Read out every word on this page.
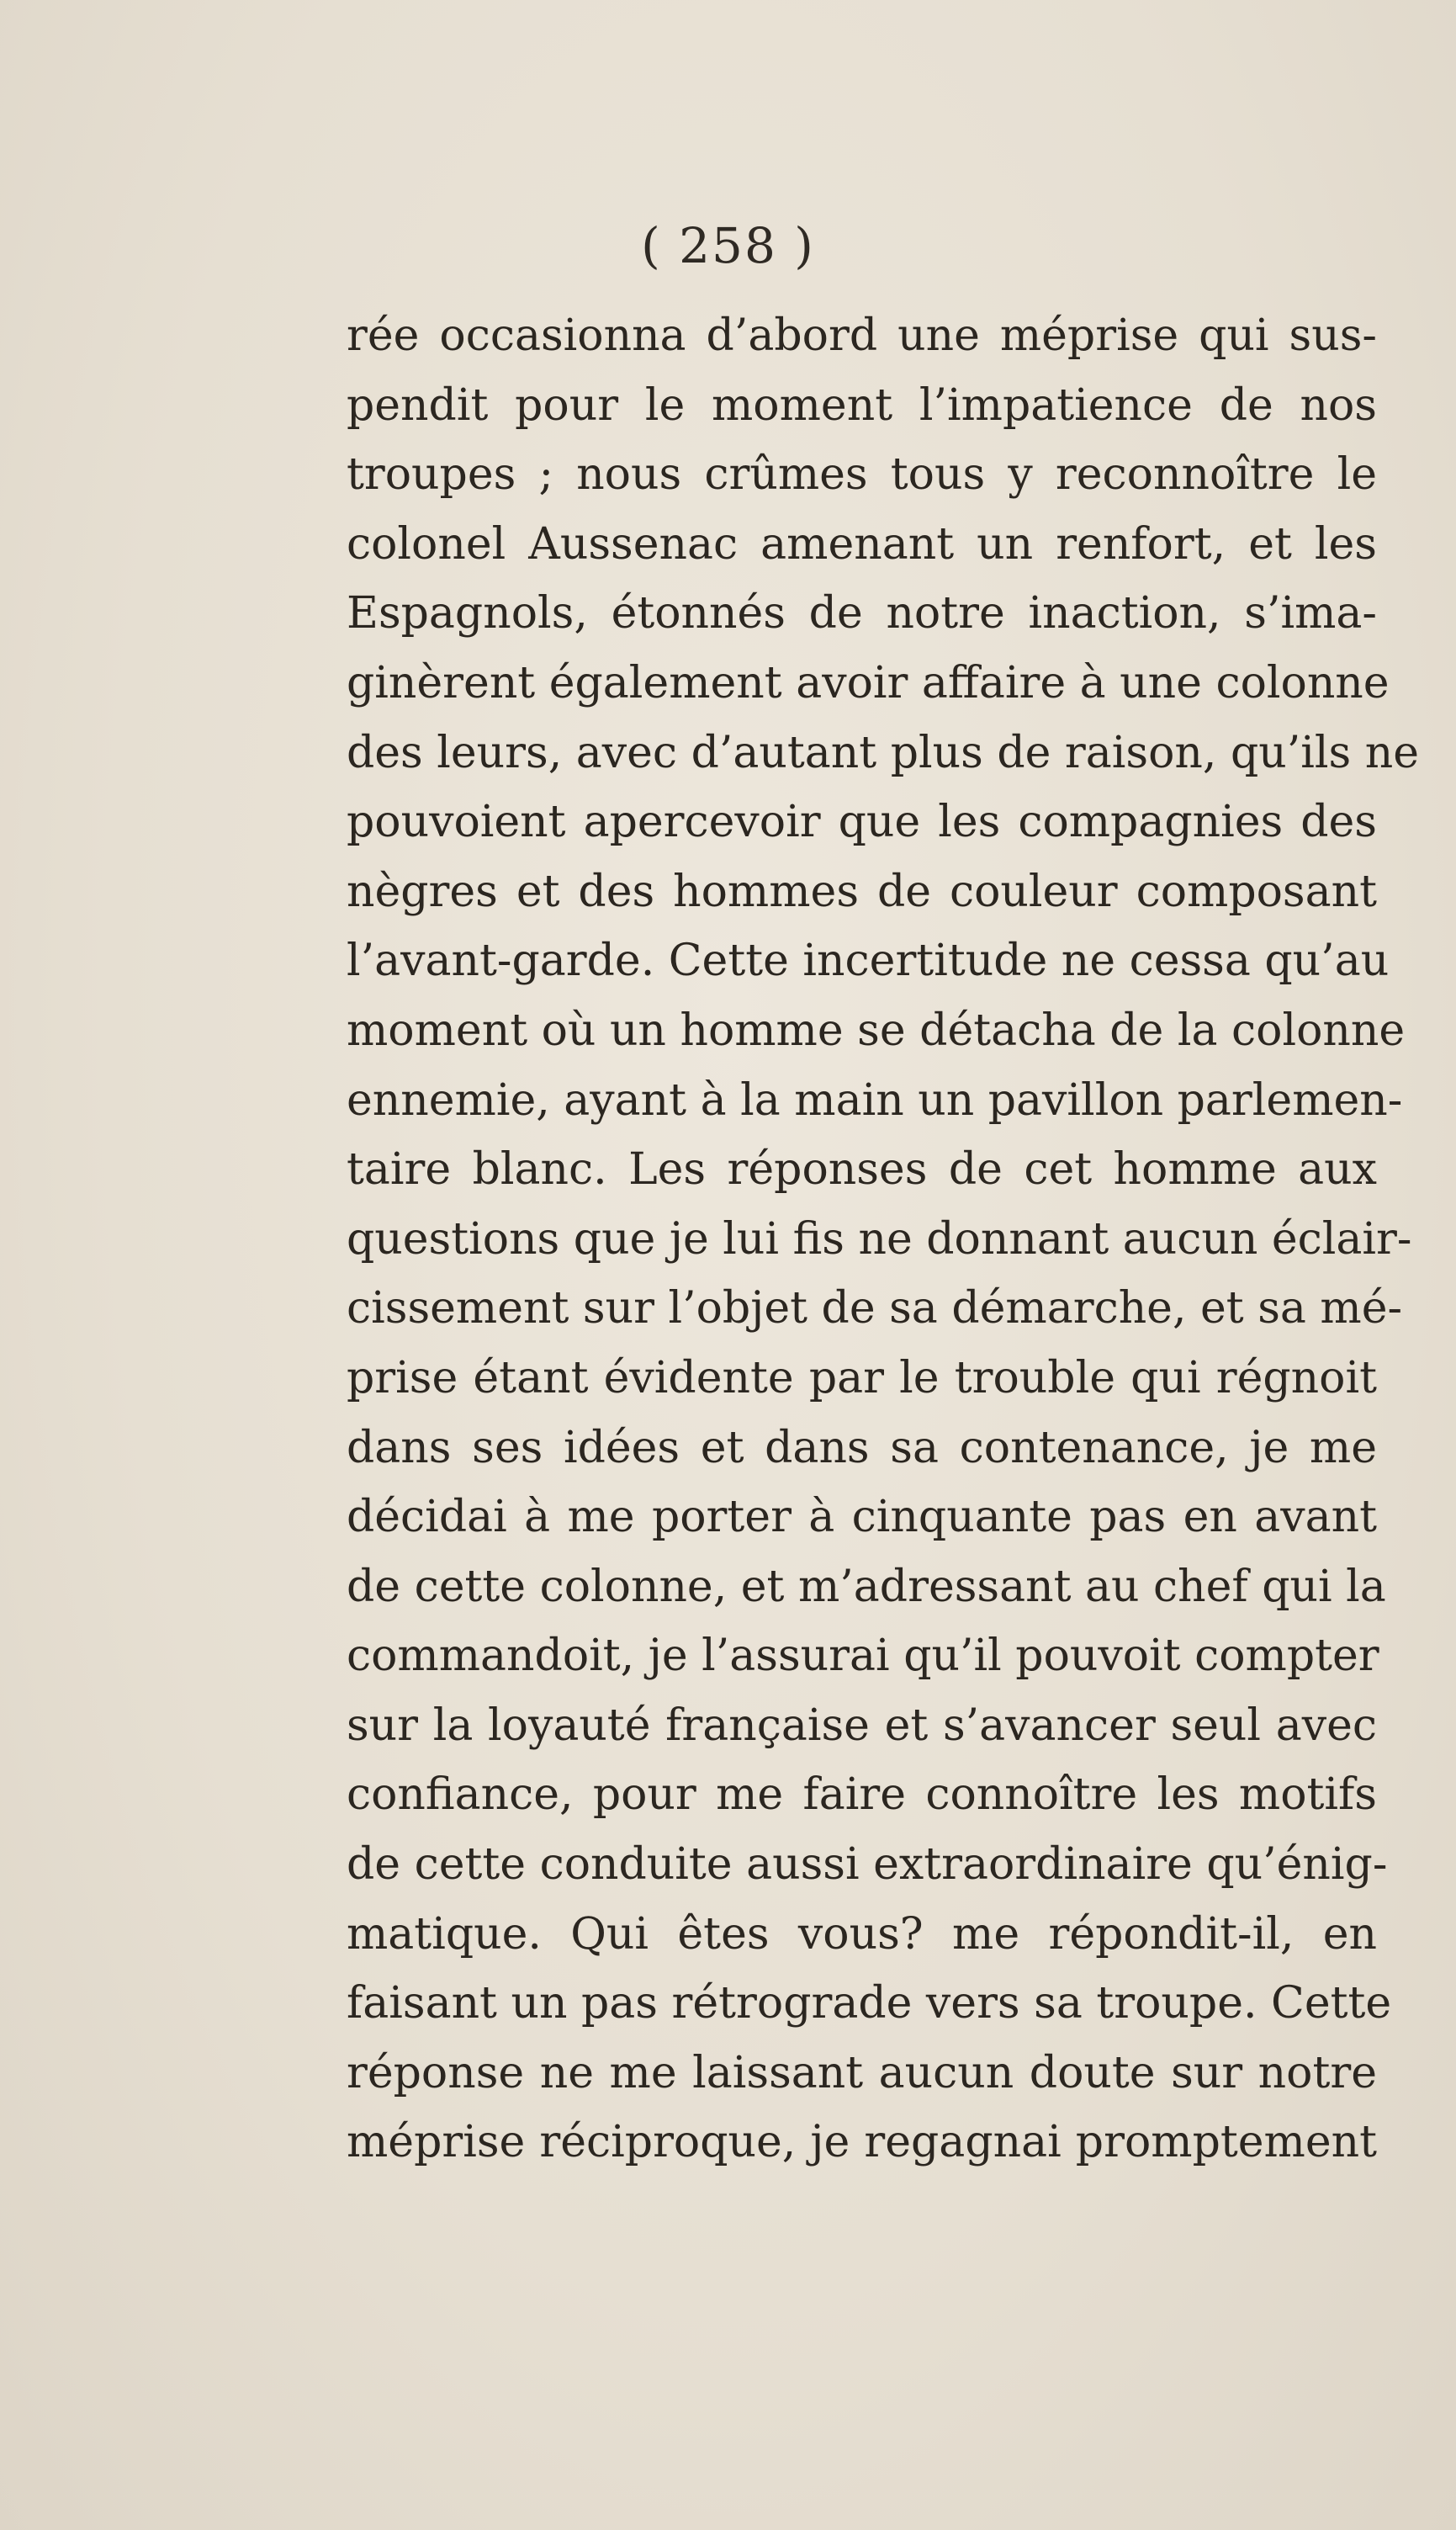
( 258 )
rée occasionna d’abord une méprise qui sus-
pendit pour le moment l’impatience de nos
troupes ; nous crûmes tous y reconnoître le
colonel Aussenac amenant un renfort, et les
Espagnols, étonnés de notre inaction, s’ima-
ginèrent également avoir affaire à une colonne
des leurs, avec d’autant plus de raison, qu’ils ne
pouvoient apercevoir que les compagnies des
nègres et des hommes de couleur composant
l’avant-garde. Cette incertitude ne cessa qu’au
moment où un homme se détacha de la colonne
ennemie, ayant à la main un pavillon parlemen-
taire blanc. Les réponses de cet homme aux
questions que je lui fis ne donnant aucun éclair-
cissement sur l’objet de sa démarche, et sa mé-
prise étant évidente par le trouble qui régnoit
dans ses idées et dans sa contenance, je me
décidai à me porter à cinquante pas en avant
de cette colonne, et m’adressant au chef qui la
commandoit, je l’assurai qu’il pouvoit compter
sur la loyauté française et s’avancer seul avec
confiance, pour me faire connoître les motifs
de cette conduite aussi extraordinaire qu’énig-
matique. Qui êtes vous? me répondit-il, en
faisant un pas rétrograde vers sa troupe. Cette
réponse ne me laissant aucun doute sur notre
méprise réciproque, je regagnai promptement
